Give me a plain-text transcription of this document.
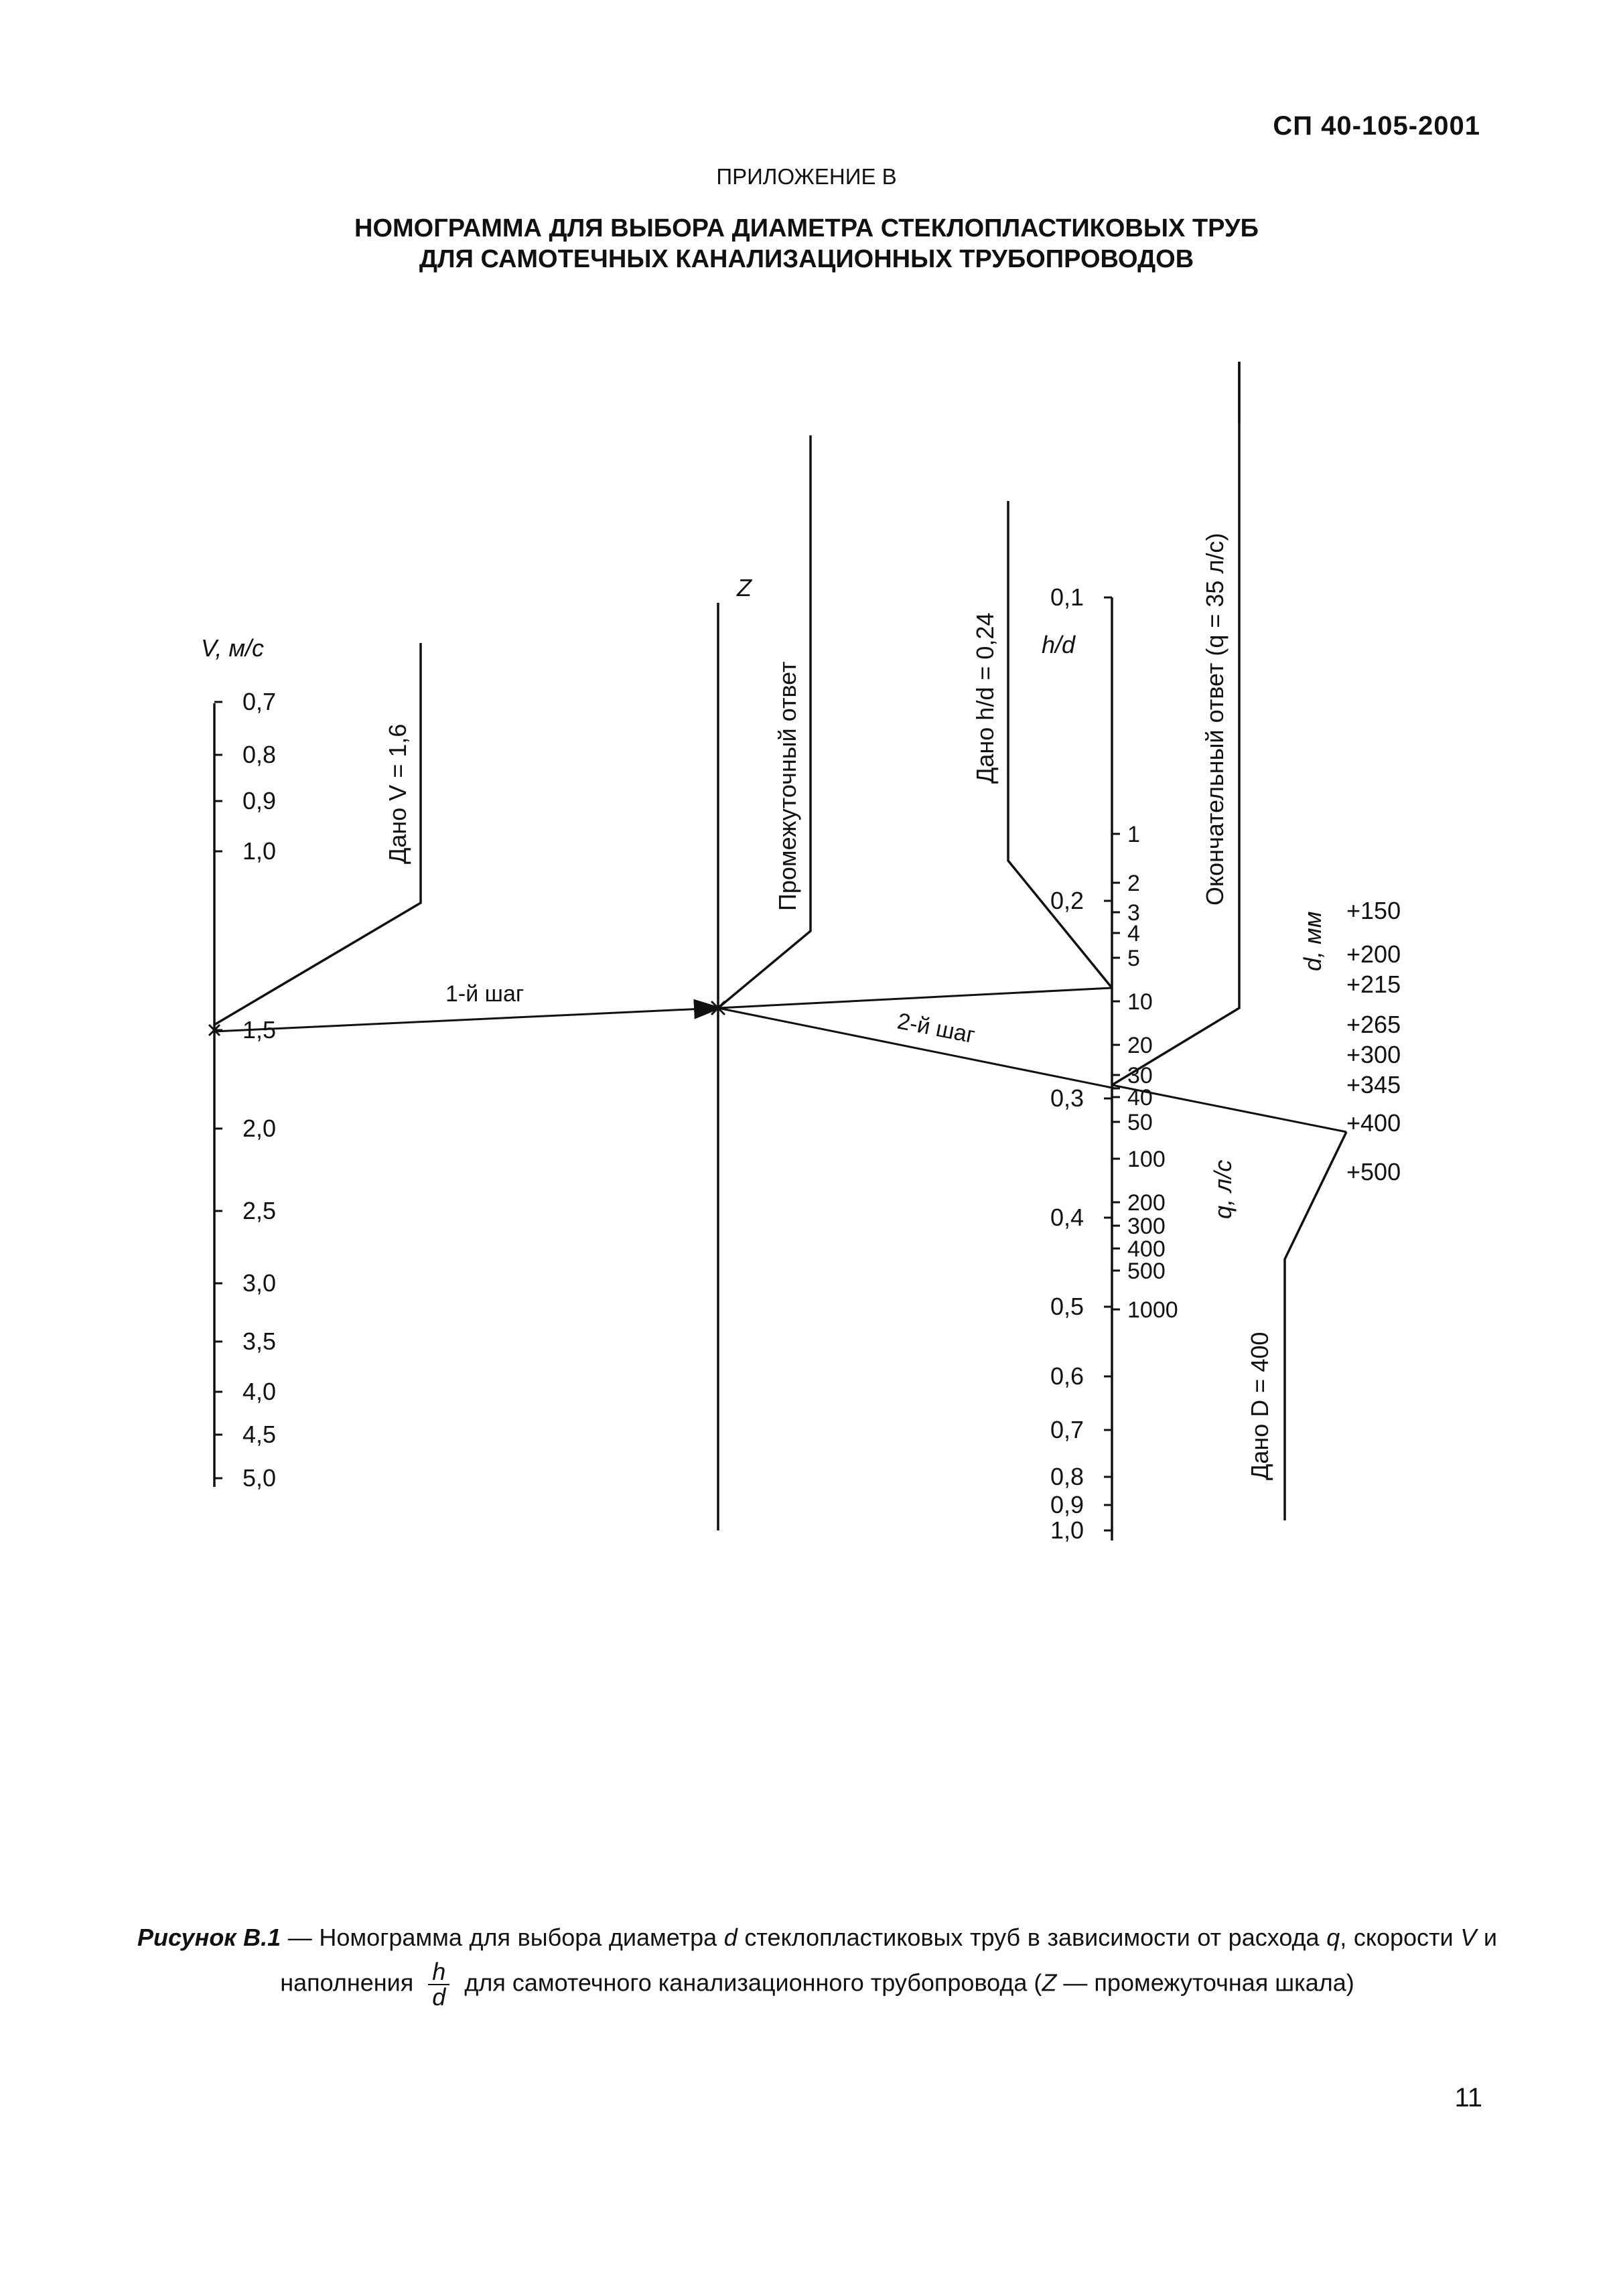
СП 40-105-2001
ПРИЛОЖЕНИЕ В
НОМОГРАММА ДЛЯ ВЫБОРА ДИАМЕТРА СТЕКЛОПЛАСТИКОВЫХ ТРУБ
ДЛЯ САМОТЕЧНЫХ КАНАЛИЗАЦИОННЫХ ТРУБОПРОВОДОВ
0,7
0,8
0,9
1,0
1,5
2,0
2,5
3,0
3,5
4,0
4,5
5,0
0,1
0,2
0,3
0,4
0,5
0,6
0,7
0,8
0,9
1,0
1
2
3
4
5
10
20
30
40
50
100
200
300
400
500
1000
+150
+200
+215
+265
+300
+345
+400
+500
V, м/с
Z
h/d
q, л/с
d, мм
Дано V = 1,6	Промежуточный ответ	Дано h/d = 0,24	Окончательный ответ (q = 35 л/с)
Дано D = 400
1-й шаг
2-й шаг
Рисунок В.1 — Номограмма для выбора диаметра d стеклопластиковых труб в зависимости от расхода q, скорости V и наполнения $\frac{h}{d}$ для самотечного канализационного трубопровода (Z — промежуточная шкала)
11
